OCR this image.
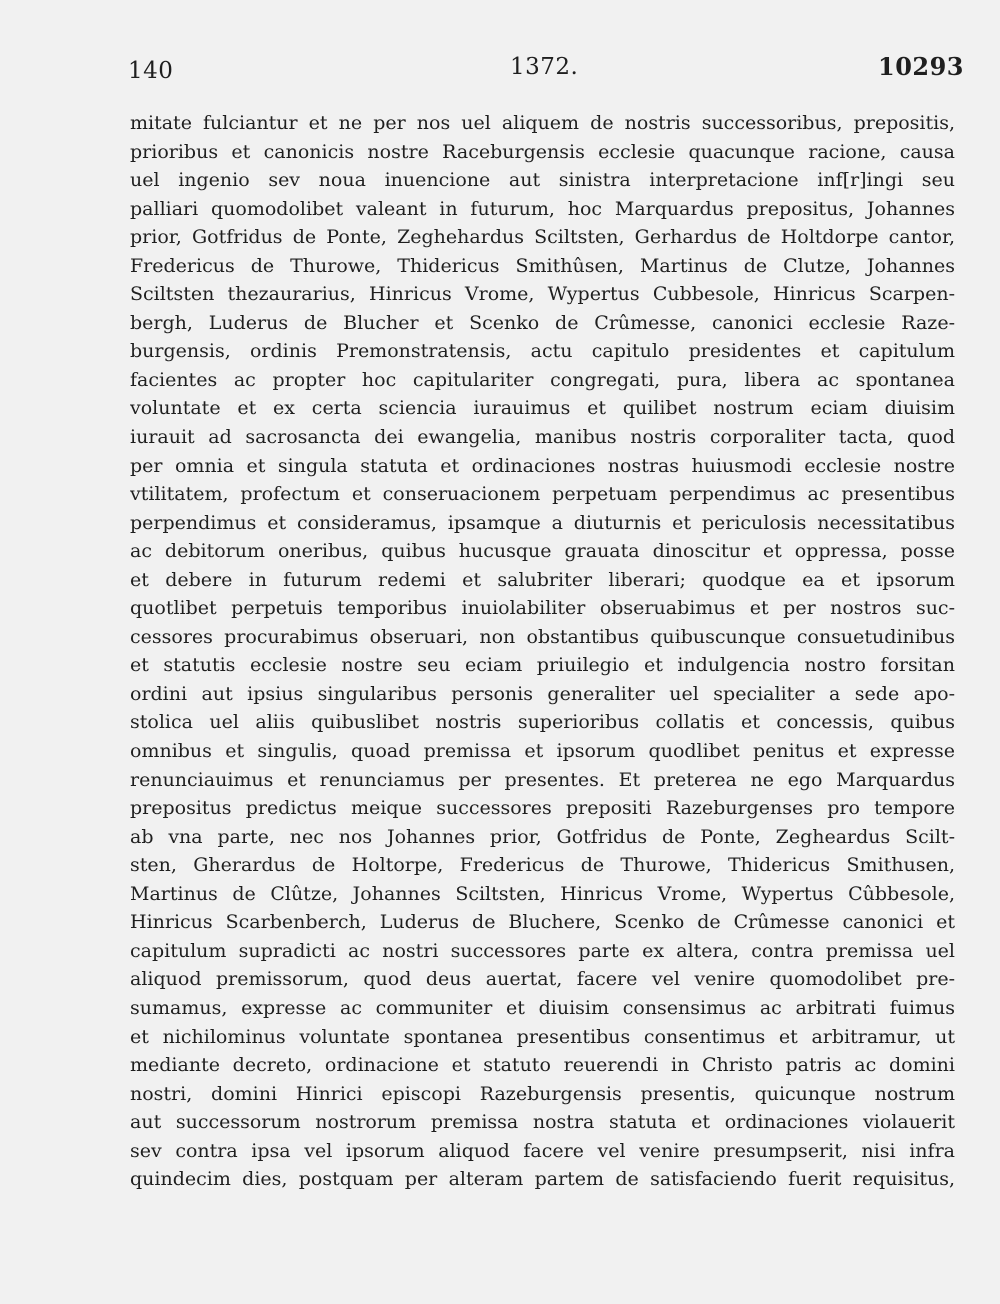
140	1372.	10293
mitate fulciantur et ne per nos uel aliquem de nostris successoribus, prepositis,
prioribus et canonicis nostre Raceburgensis ecclesie quacunque racione, causa
uel ingenio sev noua inuencione aut sinistra interpretacione inf[r]ingi seu
palliari quomodolibet valeant in futurum, hoc Marquardus prepositus, Johannes
prior, Gotfridus de Ponte, Zeghehardus Sciltsten, Gerhardus de Holtdorpe cantor,
Fredericus de Thurowe, Thidericus Smithûsen, Martinus de Clutze, Johannes
Sciltsten thezaurarius, Hinricus Vrome, Wypertus Cubbesole, Hinricus Scarpen-
bergh, Luderus de Blucher et Scenko de Crûmesse, canonici ecclesie Raze-
burgensis, ordinis Premonstratensis, actu capitulo presidentes et capitulum
facientes ac propter hoc capitulariter congregati, pura, libera ac spontanea
voluntate et ex certa sciencia iurauimus et quilibet nostrum eciam diuisim
iurauit ad sacrosancta dei ewangelia, manibus nostris corporaliter tacta, quod
per omnia et singula statuta et ordinaciones nostras huiusmodi ecclesie nostre
vtilitatem, profectum et conseruacionem perpetuam perpendimus ac presentibus
perpendimus et consideramus, ipsamque a diuturnis et periculosis necessitatibus
ac debitorum oneribus, quibus hucusque grauata dinoscitur et oppressa, posse
et debere in futurum redemi et salubriter liberari; quodque ea et ipsorum
quotlibet perpetuis temporibus inuiolabiliter obseruabimus et per nostros suc-
cessores procurabimus obseruari, non obstantibus quibuscunque consuetudinibus
et statutis ecclesie nostre seu eciam priuilegio et indulgencia nostro forsitan
ordini aut ipsius singularibus personis generaliter uel specialiter a sede apo-
stolica uel aliis quibuslibet nostris superioribus collatis et concessis, quibus
omnibus et singulis, quoad premissa et ipsorum quodlibet penitus et expresse
renunciauimus et renunciamus per presentes. Et preterea ne ego Marquardus
prepositus predictus meique successores prepositi Razeburgenses pro tempore
ab vna parte, nec nos Johannes prior, Gotfridus de Ponte, Zegheardus Scilt-
sten, Gherardus de Holtorpe, Fredericus de Thurowe, Thidericus Smithusen,
Martinus de Clûtze, Johannes Sciltsten, Hinricus Vrome, Wypertus Cûbbesole,
Hinricus Scarbenberch, Luderus de Bluchere, Scenko de Crûmesse canonici et
capitulum supradicti ac nostri successores parte ex altera, contra premissa uel
aliquod premissorum, quod deus auertat, facere vel venire quomodolibet pre-
sumamus, expresse ac communiter et diuisim consensimus ac arbitrati fuimus
et nichilominus voluntate spontanea presentibus consentimus et arbitramur, ut
mediante decreto, ordinacione et statuto reuerendi in Christo patris ac domini
nostri, domini Hinrici episcopi Razeburgensis presentis, quicunque nostrum
aut successorum nostrorum premissa nostra statuta et ordinaciones violauerit
sev contra ipsa vel ipsorum aliquod facere vel venire presumpserit, nisi infra
quindecim dies, postquam per alteram partem de satisfaciendo fuerit requisitus,
